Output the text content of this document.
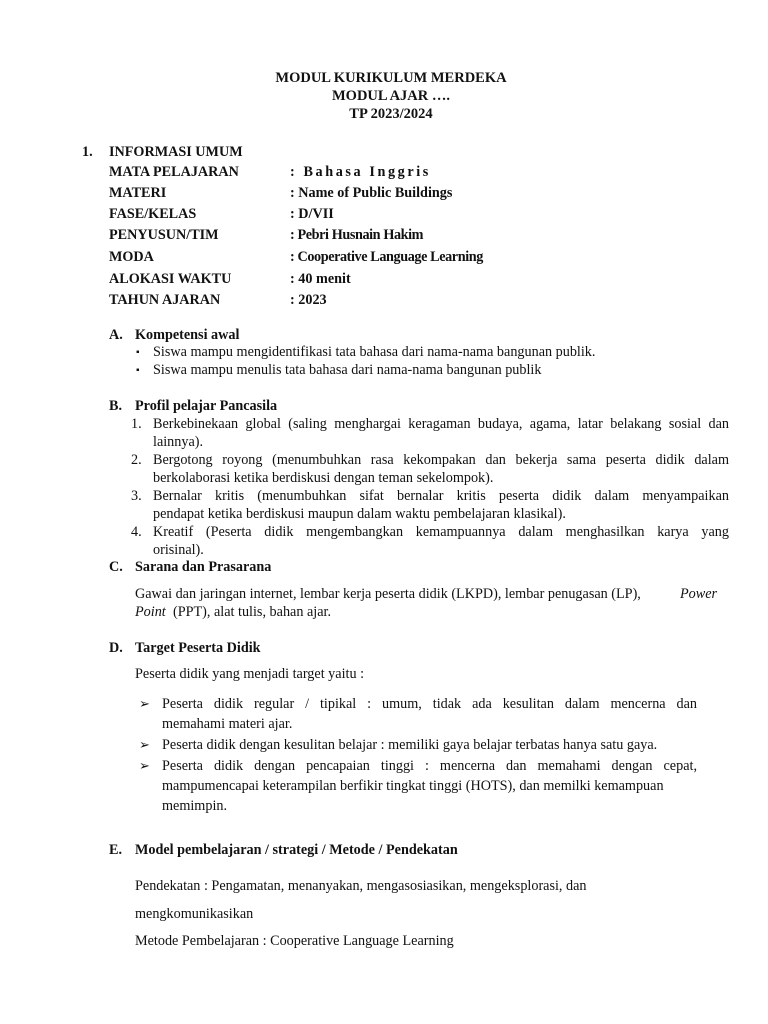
MODUL KURIKULUM MERDEKA
MODUL AJAR ….
TP 2023/2024
1. INFORMASI UMUM
MATA PELAJARAN	: Bahasa Inggris
MATERI	: Name of Public Buildings
FASE/KELAS	: D/VII
PENYUSUN/TIM	: Pebri Husnain Hakim
MODA	: Cooperative Language Learning
ALOKASI WAKTU	: 40 menit
TAHUN AJARAN	: 2023
A. Kompetensi awal
▪ Siswa mampu mengidentifikasi tata bahasa dari nama-nama bangunan publik.
▪ Siswa mampu menulis tata bahasa dari nama-nama bangunan publik
B. Profil pelajar Pancasila
1. Berkebinekaan global (saling menghargai keragaman budaya, agama, latar belakang sosial dan
lainnya).
2. Bergotong royong (menumbuhkan rasa kekompakan dan bekerja sama peserta didik dalam
berkolaborasi ketika berdiskusi dengan teman sekelompok).
3. Bernalar kritis (menumbuhkan sifat bernalar kritis peserta didik dalam menyampaikan
pendapat ketika berdiskusi maupun dalam waktu pembelajaran klasikal).
4. Kreatif (Peserta didik mengembangkan kemampuannya dalam menghasilkan karya yang
orisinal).
C. Sarana dan Prasarana
Gawai dan jaringan internet, lembar kerja peserta didik (LKPD), lembar penugasan (LP),	Power
Point (PPT), alat tulis, bahan ajar.
D. Target Peserta Didik
Peserta didik yang menjadi target yaitu :
➢ Peserta didik regular / tipikal : umum, tidak ada kesulitan dalam mencerna dan
memahami materi ajar.
➢ Peserta didik dengan kesulitan belajar : memiliki gaya belajar terbatas hanya satu gaya.
➢ Peserta didik dengan pencapaian tinggi : mencerna dan memahami dengan cepat,
mampumencapai keterampilan berfikir tingkat tinggi (HOTS), dan memilki kemampuan
memimpin.
E. Model pembelajaran / strategi / Metode / Pendekatan
Pendekatan : Pengamatan, menanyakan, mengasosiasikan, mengeksplorasi, dan
mengkomunikasikan
Metode Pembelajaran : Cooperative Language Learning
